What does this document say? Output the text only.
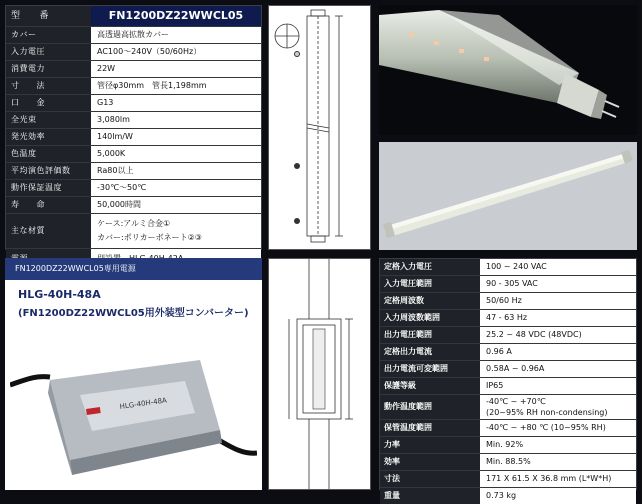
型　　番	FN1200DZ22WWCL05
カバー	高透過高拡散カバー
入力電圧	AC100～240V（50/60Hz）
消費電力	22W
寸　　法	管径φ30mm　管長1,198mm
口　　金	G13
全光束	3,080lm
発光効率	140lm/W
色温度	5,000K
平均演色評価数	Ra80以上
動作保証温度	-30℃～50℃
寿　　命	50,000時間
主な材質
ケース:アルミ合金①
カバー:ポリカーボネート②③
FN1200DZ22WWCL05専用電源
HLG-40H-48A
(FN1200DZ22WWCL05用外装型コンバーター)
HLG-40H-48A
定格入力電圧	100 ~ 240 VAC
入力電圧範囲	90 - 305 VAC
定格周波数	50/60 Hz
入力周波数範囲	47 - 63 Hz
出力電圧範囲	25.2 ~ 48 VDC (48VDC)
定格出力電流	0.96 A
出力電流可変範囲	0.58A ~ 0.96A
保護等級	IP65
動作温度範囲
-40℃ ~ +70℃
(20~95% RH non-condensing)
保管温度範囲	-40℃ ~ +80 ℃ (10~95% RH)
力率	Min. 92%
効率	Min. 88.5%
寸法	171 X 61.5 X 36.8 mm (L*W*H)
重量	0.73 kg
